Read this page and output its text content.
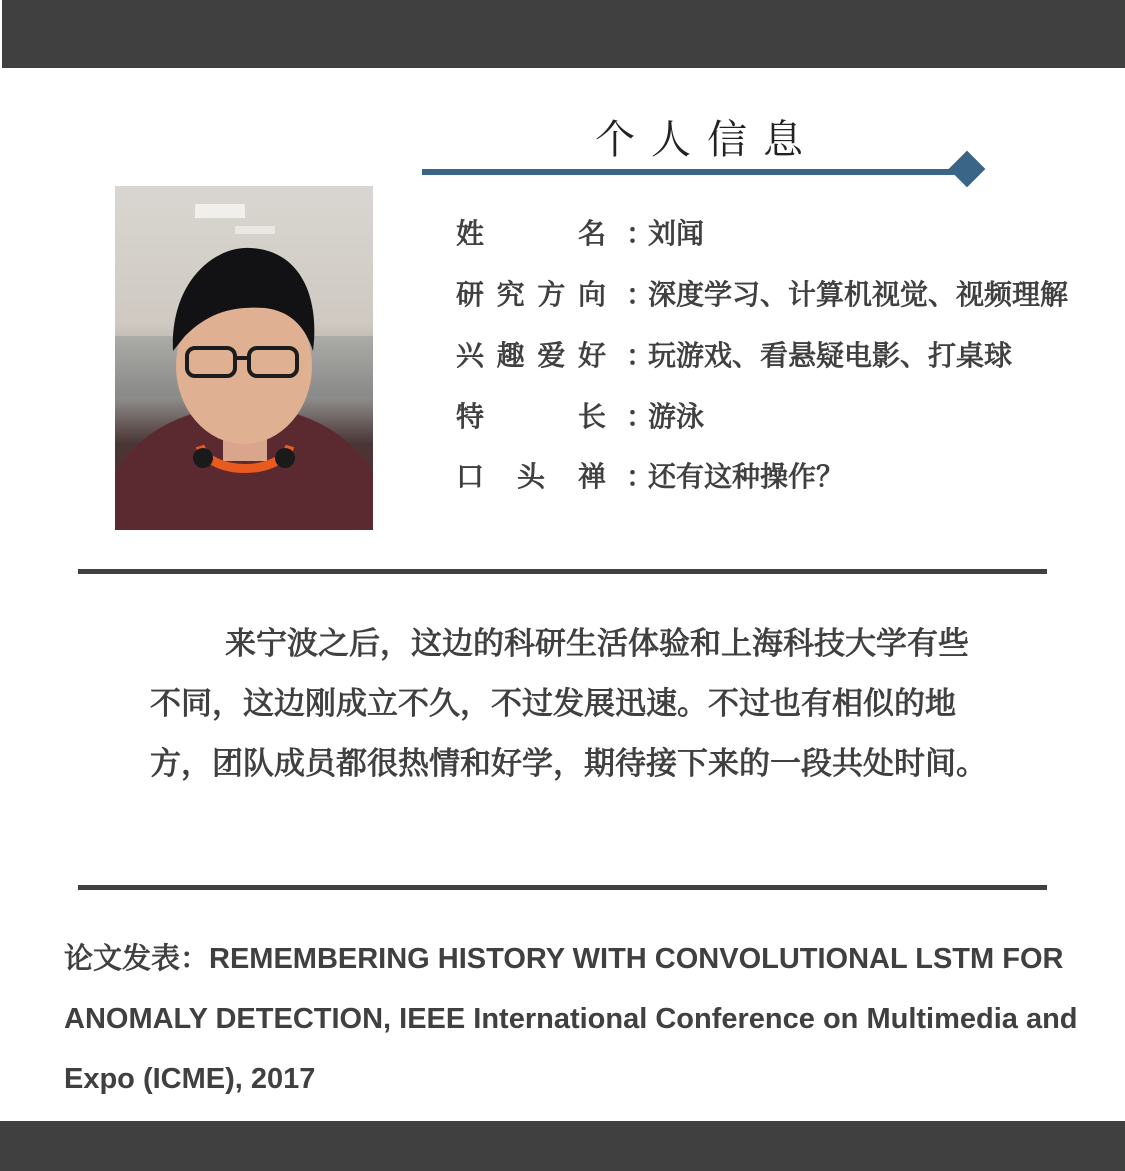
个人信息
姓名 ：刘闻
研究方向 ：深度学习、计算机视觉、视频理解
兴趣爱好 ：玩游戏、看悬疑电影、打桌球
特长 ：游泳
口头禅 ：还有这种操作？
来宁波之后，这边的科研生活体验和上海科技大学有些不同，这边刚成立不久，不过发展迅速。不过也有相似的地方，团队成员都很热情和好学，期待接下来的一段共处时间。
论文发表：REMEMBERING HISTORY WITH CONVOLUTIONAL LSTM FOR ANOMALY DETECTION, IEEE International Conference on Multimedia and Expo (ICME), 2017
